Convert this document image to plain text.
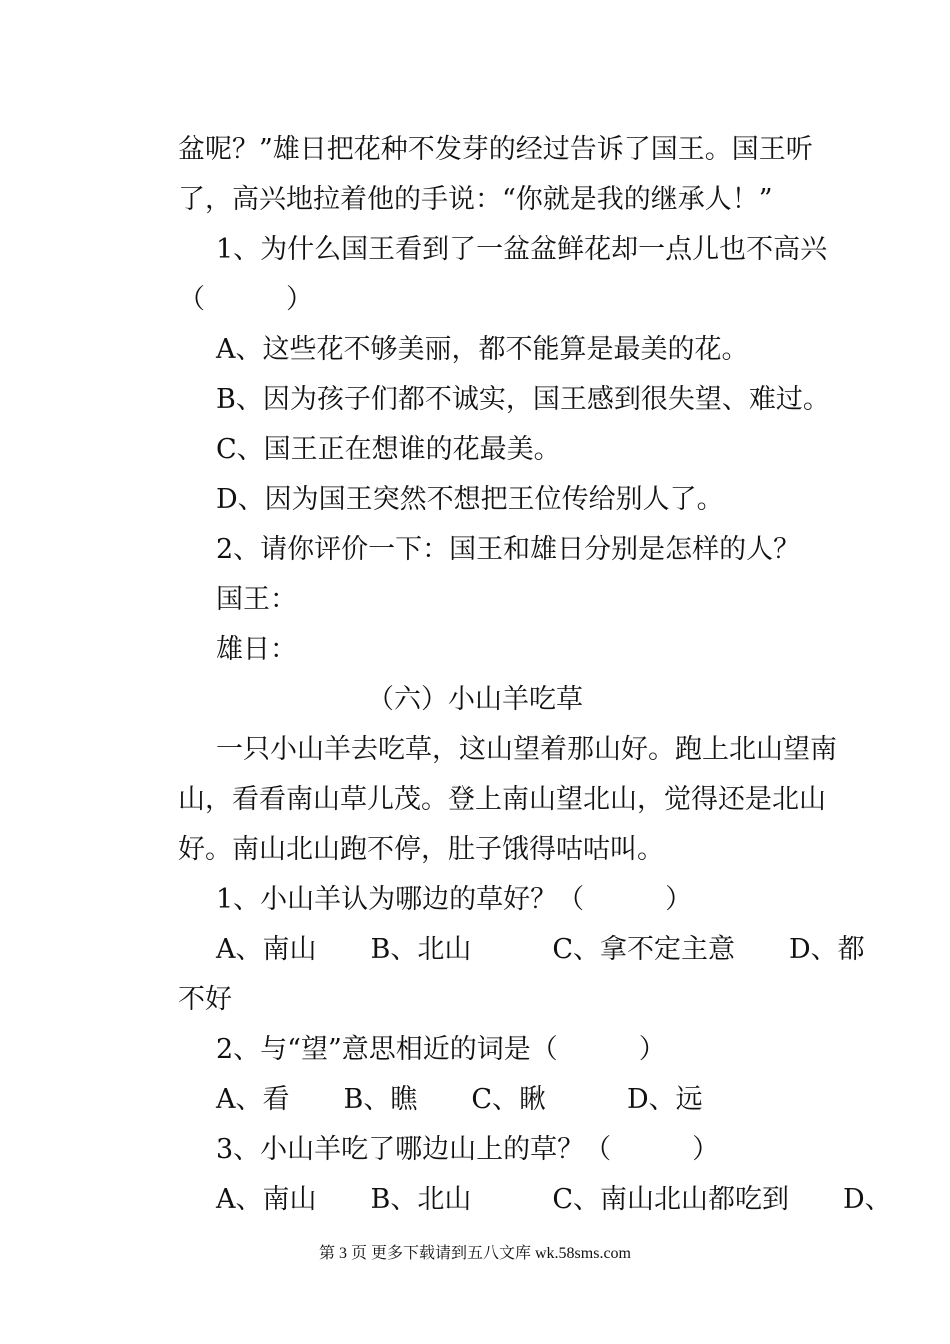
盆呢？”雄日把花种不发芽的经过告诉了国王。国王听
了，高兴地拉着他的手说：“你就是我的继承人！”
1、为什么国王看到了一盆盆鲜花却一点儿也不高兴
（　　　）
A、这些花不够美丽，都不能算是最美的花。
B、因为孩子们都不诚实，国王感到很失望、难过。
C、国王正在想谁的花最美。
D、因为国王突然不想把王位传给别人了。
2、请你评价一下：国王和雄日分别是怎样的人？
国王：
雄日：
（六）小山羊吃草
一只小山羊去吃草，这山望着那山好。跑上北山望南
山，看看南山草儿茂。登上南山望北山，觉得还是北山
好。南山北山跑不停，肚子饿得咕咕叫。
1、小山羊认为哪边的草好？（　　　）
A、南山　　B、北山　　　C、拿不定主意　　D、都
不好
2、与“望”意思相近的词是（　　　）
A、看　　B、瞧　　C、瞅　　　D、远
3、小山羊吃了哪边山上的草？（　　　）
A、南山　　B、北山　　　C、南山北山都吃到　　D、
第 3 页 更多下载请到五八文库 wk.58sms.com
